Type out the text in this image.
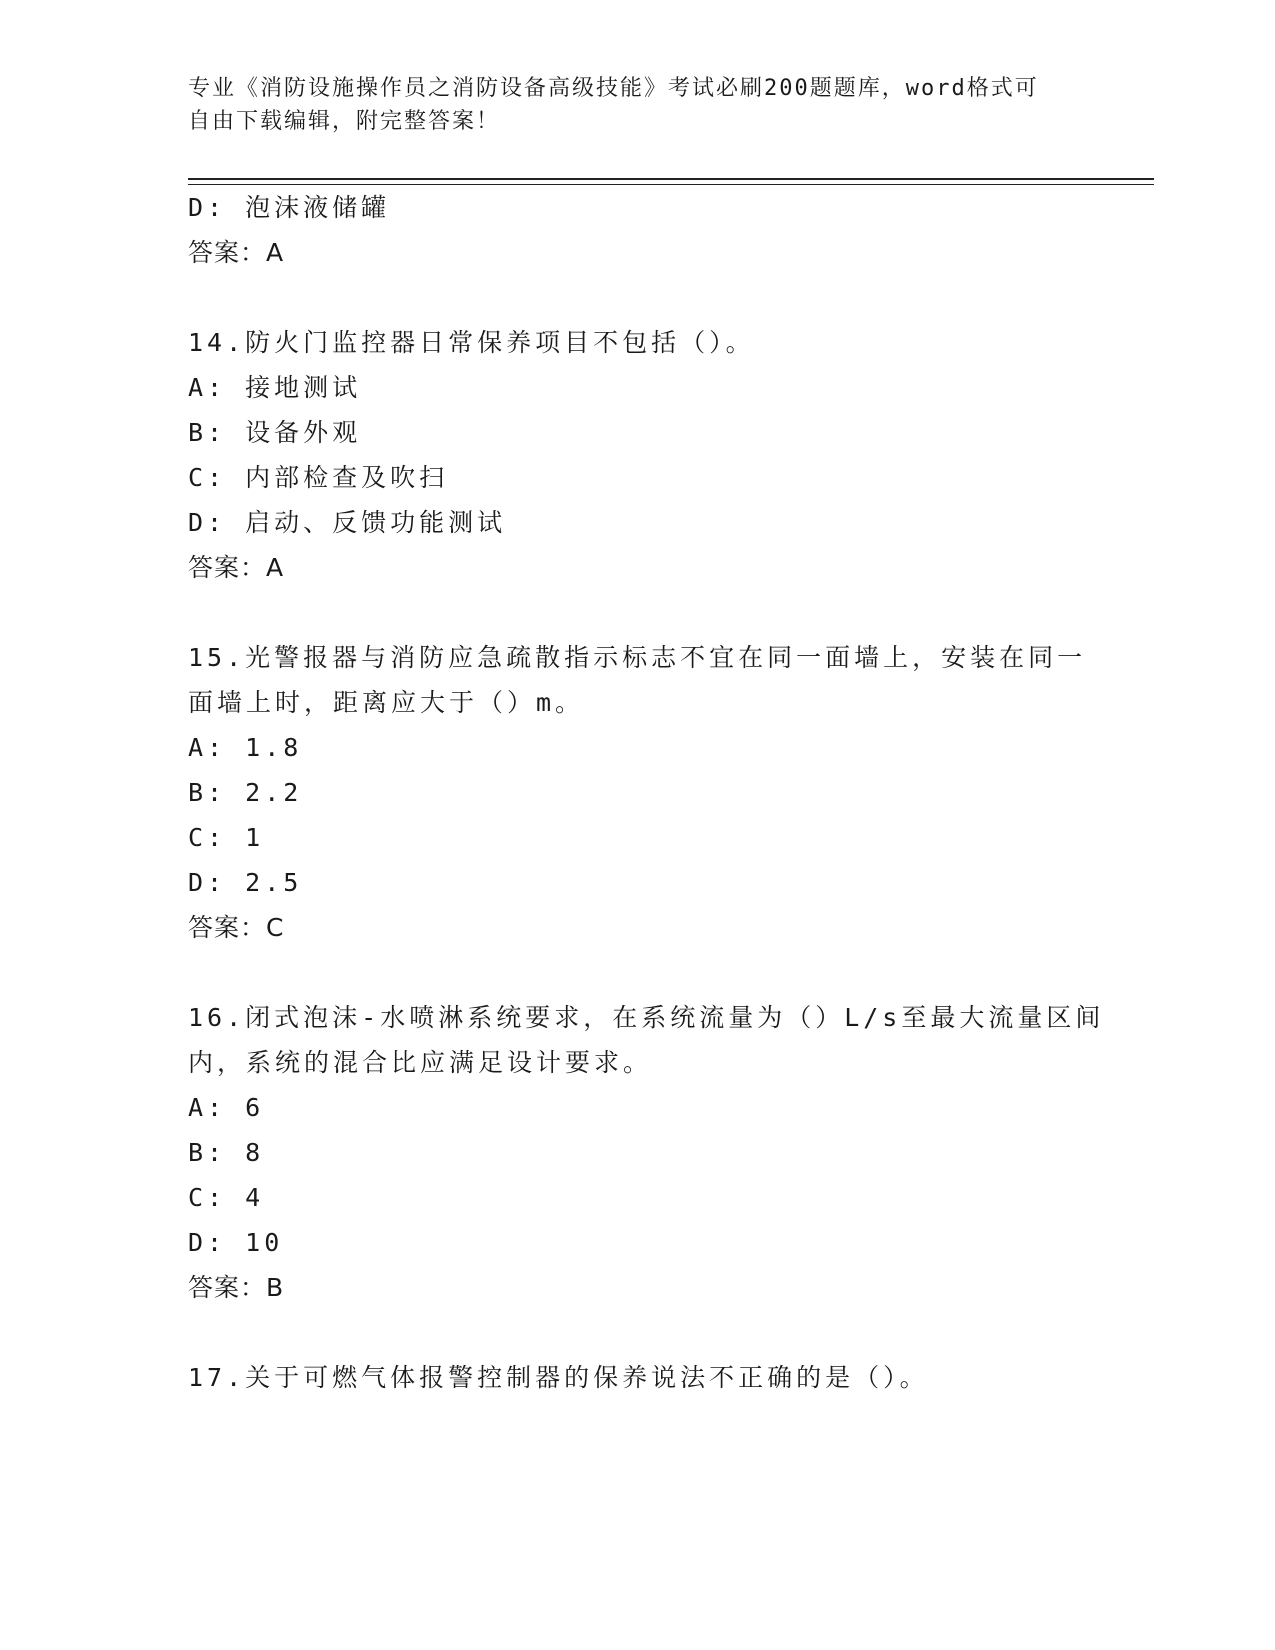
专业《消防设施操作员之消防设备高级技能》考试必刷200题题库，word格式可
自由下载编辑，附完整答案！
D: 泡沫液储罐
答案：A
14.防火门监控器日常保养项目不包括（）。
A: 接地测试
B: 设备外观
C: 内部检查及吹扫
D: 启动、反馈功能测试
答案：A
15.光警报器与消防应急疏散指示标志不宜在同一面墙上，安装在同一
面墙上时，距离应大于（）m。
A: 1.8
B: 2.2
C: 1
D: 2.5
答案：C
16.闭式泡沫-水喷淋系统要求，在系统流量为（）L/s至最大流量区间
内，系统的混合比应满足设计要求。
A: 6
B: 8
C: 4
D: 10
答案：B
17.关于可燃气体报警控制器的保养说法不正确的是（）。
